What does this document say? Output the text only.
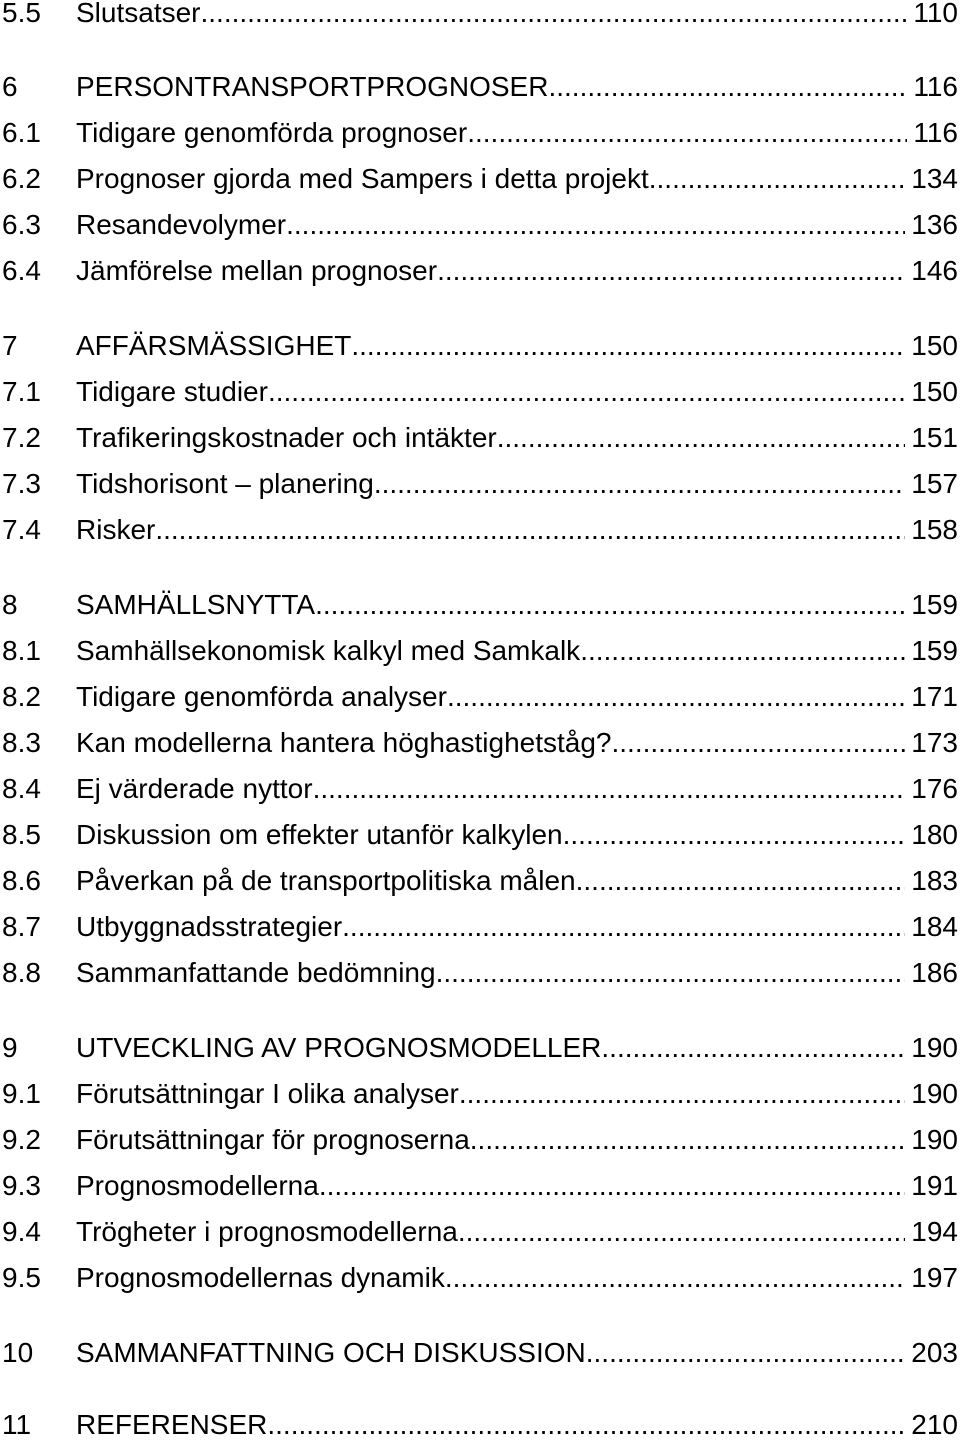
5.5	Slutsatser .....	110
6	PERSONTRANSPORTPROGNOSER .....	116
6.1	Tidigare genomförda prognoser .....	116
6.2	Prognoser gjorda med Sampers i detta projekt .....	134
6.3	Resandevolymer .....	136
6.4	Jämförelse mellan prognoser .....	146
7	AFFÄRSMÄSSIGHET .....	150
7.1	Tidigare studier .....	150
7.2	Trafikeringskostnader och intäkter .....	151
7.3	Tidshorisont – planering .....	157
7.4	Risker .....	158
8	SAMHÄLLSNYTTA .....	159
8.1	Samhällsekonomisk kalkyl med Samkalk .....	159
8.2	Tidigare genomförda analyser .....	171
8.3	Kan modellerna hantera höghastighetståg? .....	173
8.4	Ej värderade nyttor .....	176
8.5	Diskussion om effekter utanför kalkylen .....	180
8.6	Påverkan på de transportpolitiska målen .....	183
8.7	Utbyggnadsstrategier .....	184
8.8	Sammanfattande bedömning .....	186
9	UTVECKLING AV PROGNOSMODELLER .....	190
9.1	Förutsättningar I olika analyser .....	190
9.2	Förutsättningar för prognoserna .....	190
9.3	Prognosmodellerna .....	191
9.4	Trögheter i prognosmodellerna .....	194
9.5	Prognosmodellernas dynamik .....	197
10	SAMMANFATTNING OCH DISKUSSION .....	203
11	REFERENSER .....	210
